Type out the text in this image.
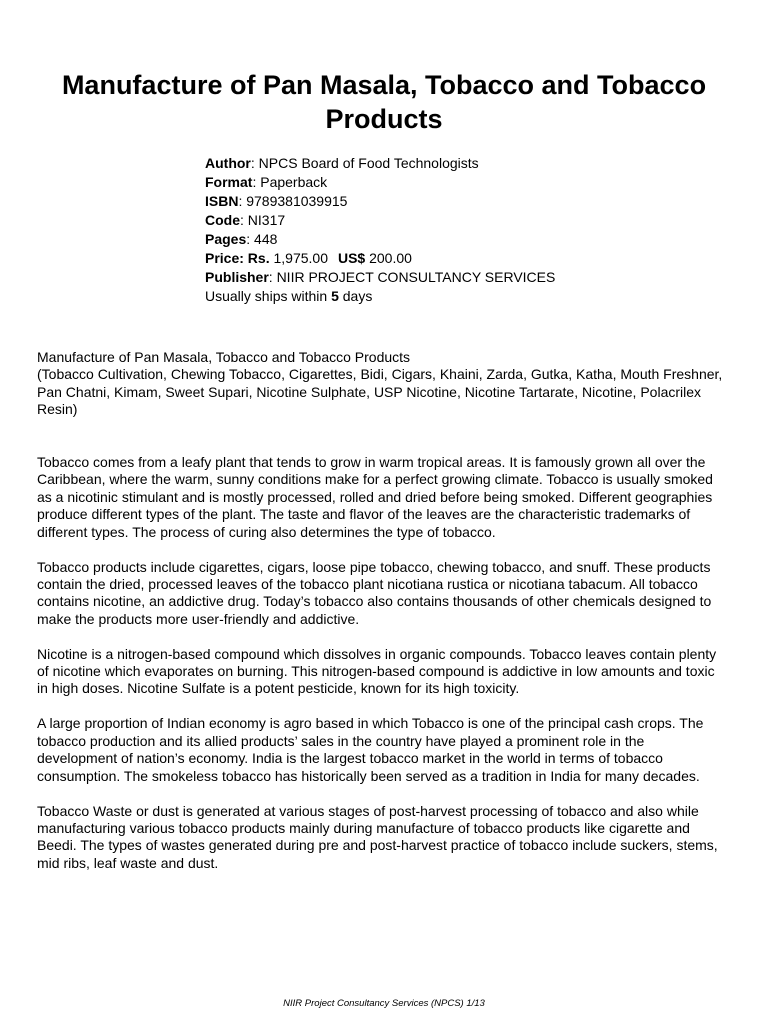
Manufacture of Pan Masala, Tobacco and Tobacco Products
Author: NPCS Board of Food Technologists
Format: Paperback
ISBN: 9789381039915
Code: NI317
Pages: 448
Price: Rs. 1,975.00 US$ 200.00
Publisher: NIIR PROJECT CONSULTANCY SERVICES
Usually ships within 5 days
Manufacture of Pan Masala, Tobacco and Tobacco Products
(Tobacco Cultivation, Chewing Tobacco, Cigarettes, Bidi, Cigars, Khaini, Zarda, Gutka, Katha, Mouth Freshner, Pan Chatni, Kimam, Sweet Supari, Nicotine Sulphate, USP Nicotine, Nicotine Tartarate, Nicotine, Polacrilex Resin)

Tobacco comes from a leafy plant that tends to grow in warm tropical areas. It is famously grown all over the Caribbean, where the warm, sunny conditions make for a perfect growing climate. Tobacco is usually smoked as a nicotinic stimulant and is mostly processed, rolled and dried before being smoked. Different geographies produce different types of the plant. The taste and flavor of the leaves are the characteristic trademarks of different types. The process of curing also determines the type of tobacco.

Tobacco products include cigarettes, cigars, loose pipe tobacco, chewing tobacco, and snuff. These products contain the dried, processed leaves of the tobacco plant nicotiana rustica or nicotiana tabacum. All tobacco contains nicotine, an addictive drug. Today’s tobacco also contains thousands of other chemicals designed to make the products more user-friendly and addictive.

Nicotine is a nitrogen-based compound which dissolves in organic compounds. Tobacco leaves contain plenty of nicotine which evaporates on burning. This nitrogen-based compound is addictive in low amounts and toxic in high doses. Nicotine Sulfate is a potent pesticide, known for its high toxicity.

A large proportion of Indian economy is agro based in which Tobacco is one of the principal cash crops. The tobacco production and its allied products’ sales in the country have played a prominent role in the development of nation’s economy. India is the largest tobacco market in the world in terms of tobacco consumption. The smokeless tobacco has historically been served as a tradition in India for many decades.

Tobacco Waste or dust is generated at various stages of post-harvest processing of tobacco and also while manufacturing various tobacco products mainly during manufacture of tobacco products like cigarette and Beedi. The types of wastes generated during pre and post-harvest practice of tobacco include suckers, stems, mid ribs, leaf waste and dust.

NIIR Project Consultancy Services (NPCS) 1/13
